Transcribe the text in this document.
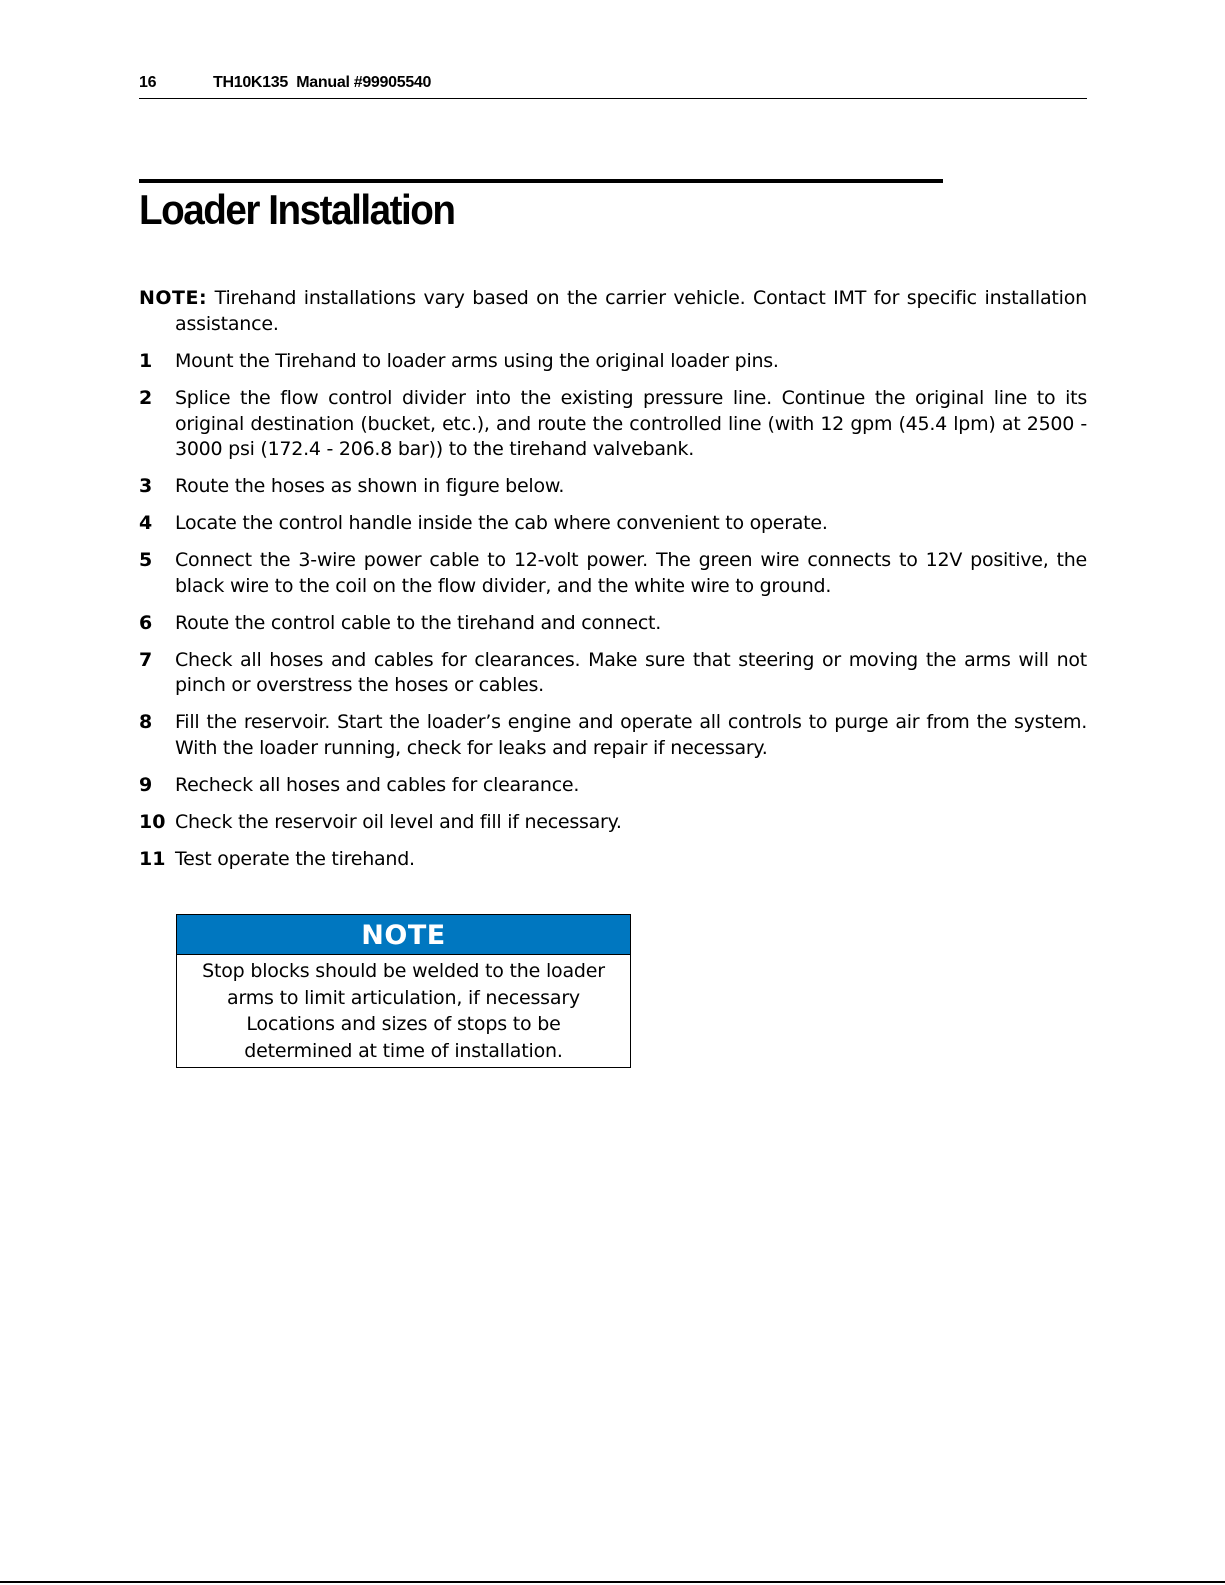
16	TH10K135  Manual #99905540
Loader Installation

NOTE: Tirehand installations vary based on the carrier vehicle. Contact IMT for specific installation assistance.

1 Mount the Tirehand to loader arms using the original loader pins.
2 Splice the flow control divider into the existing pressure line. Continue the original line to its original destination (bucket, etc.), and route the controlled line (with 12 gpm (45.4 lpm) at 2500 - 3000 psi (172.4 - 206.8 bar)) to the tirehand valvebank.
3 Route the hoses as shown in figure below.
4 Locate the control handle inside the cab where convenient to operate.
5 Connect the 3-wire power cable to 12-volt power. The green wire connects to 12V positive, the black wire to the coil on the flow divider, and the white wire to ground.
6 Route the control cable to the tirehand and connect.
7 Check all hoses and cables for clearances. Make sure that steering or moving the arms will not pinch or overstress the hoses or cables.
8 Fill the reservoir. Start the loader’s engine and operate all controls to purge air from the system. With the loader running, check for leaks and repair if necessary.
9 Recheck all hoses and cables for clearance.
10 Check the reservoir oil level and fill if necessary.
11 Test operate the tirehand.
NOTE
Stop blocks should be welded to the loader
arms to limit articulation, if necessary
Locations and sizes of stops to be
determined at time of installation.
